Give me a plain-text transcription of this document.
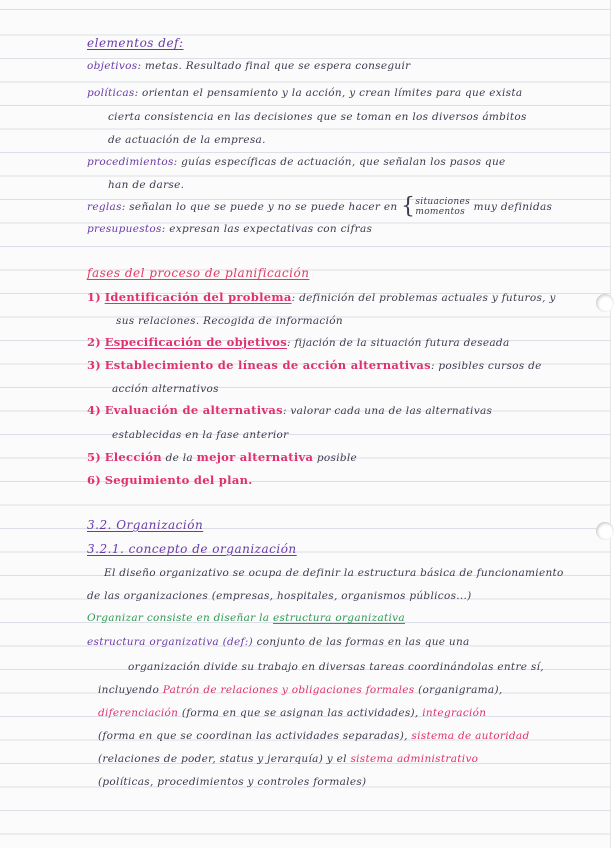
elementos def:
objetivos: metas. Resultado final que se espera conseguir
políticas: orientan el pensamiento y la acción, y crean límites para que exista
cierta consistencia en las decisiones que se toman en los diversos ámbitos
de actuación de la empresa.
procedimientos: guías específicas de actuación, que señalan los pasos que
han de darse.
reglas: señalan lo que se puede y no se puede hacer en {situaciones
momentos muy definidas
presupuestos: expresan las expectativas con cifras
fases del proceso de planificación
1) Identificación del problema: definición del problemas actuales y futuros, y
sus relaciones. Recogida de información
2) Especificación de objetivos: fijación de la situación futura deseada
3) Establecimiento de líneas de acción alternativas: posibles cursos de
acción alternativos
4) Evaluación de alternativas: valorar cada una de las alternativas
establecidas en la fase anterior
5) Elección de la mejor alternativa posible
6) Seguimiento del plan.
3.2. Organización
3.2.1. concepto de organización
El diseño organizativo se ocupa de definir la estructura básica de funcionamiento
de las organizaciones (empresas, hospitales, organismos públicos...)
Organizar consiste en diseñar la estructura organizativa
estructura organizativa (def:) conjunto de las formas en las que una
organización divide su trabajo en diversas tareas coordinándolas entre sí,
incluyendo Patrón de relaciones y obligaciones formales (organigrama),
diferenciación (forma en que se asignan las actividades), integración
(forma en que se coordinan las actividades separadas), sistema de autoridad
(relaciones de poder, status y jerarquía) y el sistema administrativo
(políticas, procedimientos y controles formales)
